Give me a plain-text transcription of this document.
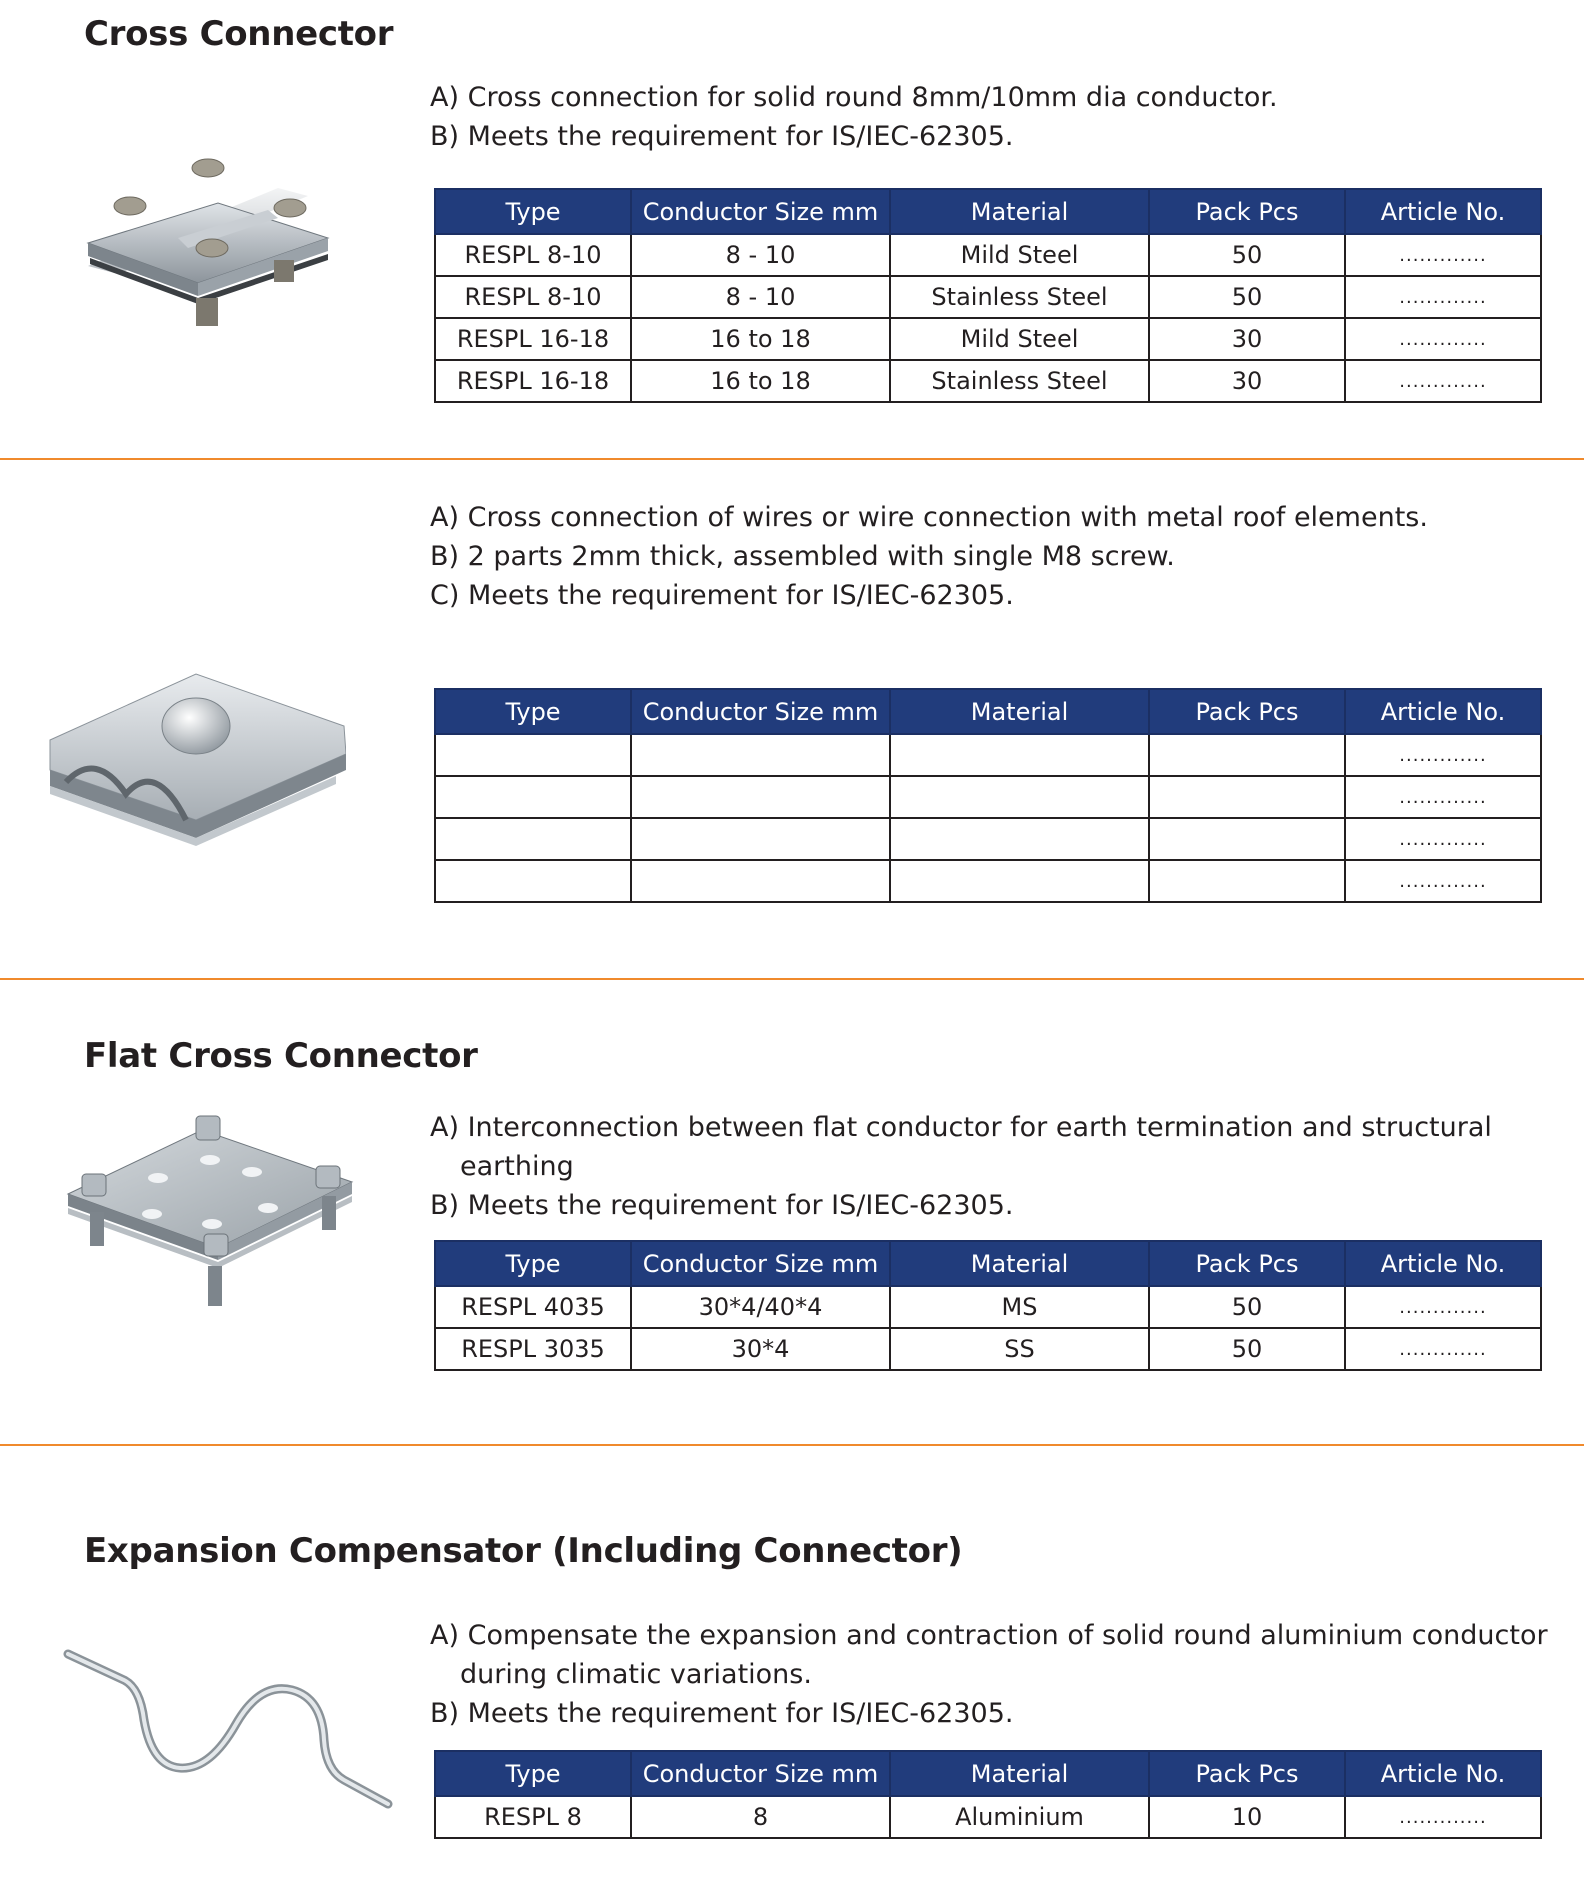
Cross Connector
A) Cross connection for solid round 8mm/10mm dia conductor.
B) Meets the requirement for IS/IEC-62305.
Type	Conductor Size mm	Material	Pack Pcs	Article No.
RESPL 8-10	8 - 10	Mild Steel	50	.............
RESPL 8-10	8 - 10	Stainless Steel	50	.............
RESPL 16-18	16 to 18	Mild Steel	30	.............
RESPL 16-18	16 to 18	Stainless Steel	30	.............
A) Cross connection of wires or wire connection with metal roof elements.
B) 2 parts 2mm thick, assembled with single M8 screw.
C) Meets the requirement for IS/IEC-62305.
Type	Conductor Size mm	Material	Pack Pcs	Article No.
				.............
				.............
				.............
				.............
Flat Cross Connector
A) Interconnection between flat conductor for earth termination and structural earthing
B) Meets the requirement for IS/IEC-62305.
Type	Conductor Size mm	Material	Pack Pcs	Article No.
RESPL 4035	30*4/40*4	MS	50	.............
RESPL 3035	30*4	SS	50	.............
Expansion Compensator (Including Connector)
A) Compensate the expansion and contraction of solid round aluminium conductor during climatic variations.
B) Meets the requirement for IS/IEC-62305.
Type	Conductor Size mm	Material	Pack Pcs	Article No.
RESPL 8	8	Aluminium	10	.............
